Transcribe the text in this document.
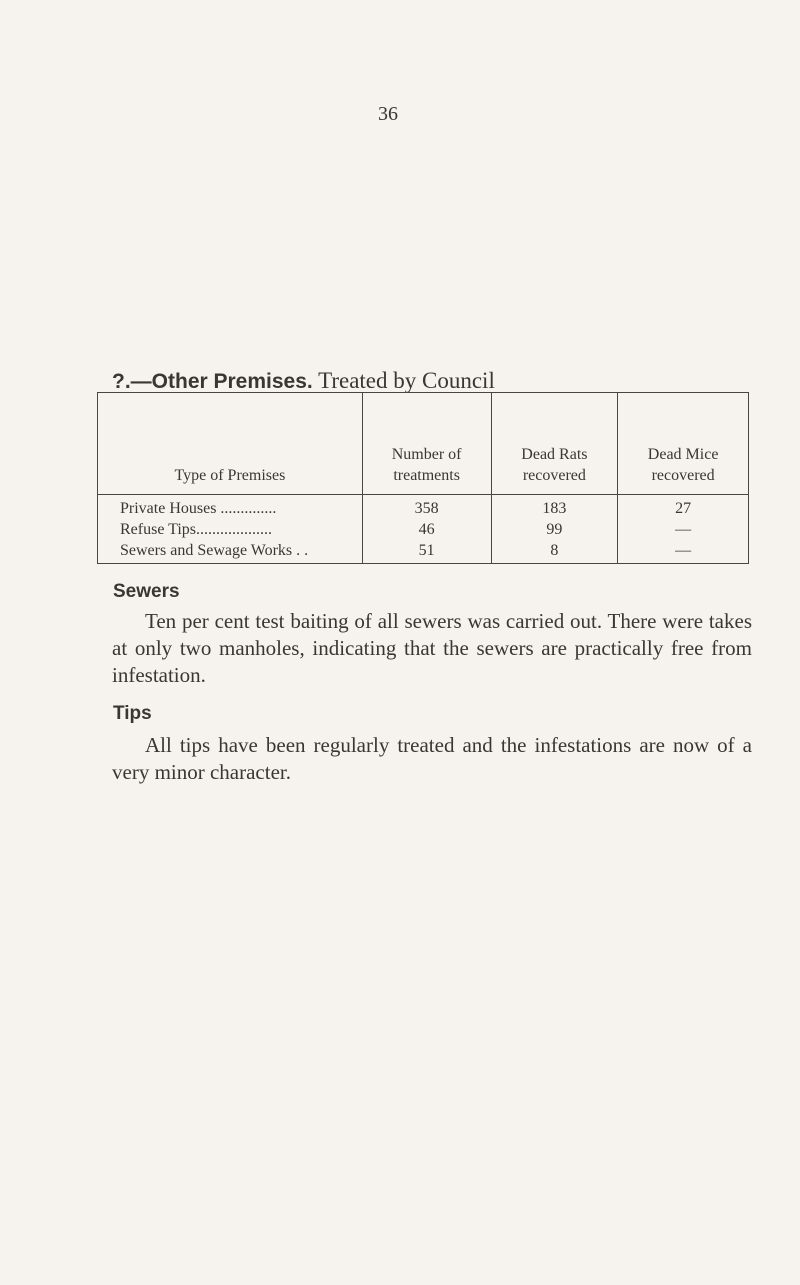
36
?.—Other Premises. Treated by Council
Type of Premises	Number of treatments	Dead Rats recovered	Dead Mice recovered
Private Houses ..............	358	183	27
Refuse Tips...................	46	99	—
Sewers and Sewage Works . .	51	8	—
Sewers
Ten per cent test baiting of all sewers was carried out. There were takes at only two manholes, indicating that the sewers are practically free from infestation.
Tips
All tips have been regularly treated and the infestations are now of a very minor character.
